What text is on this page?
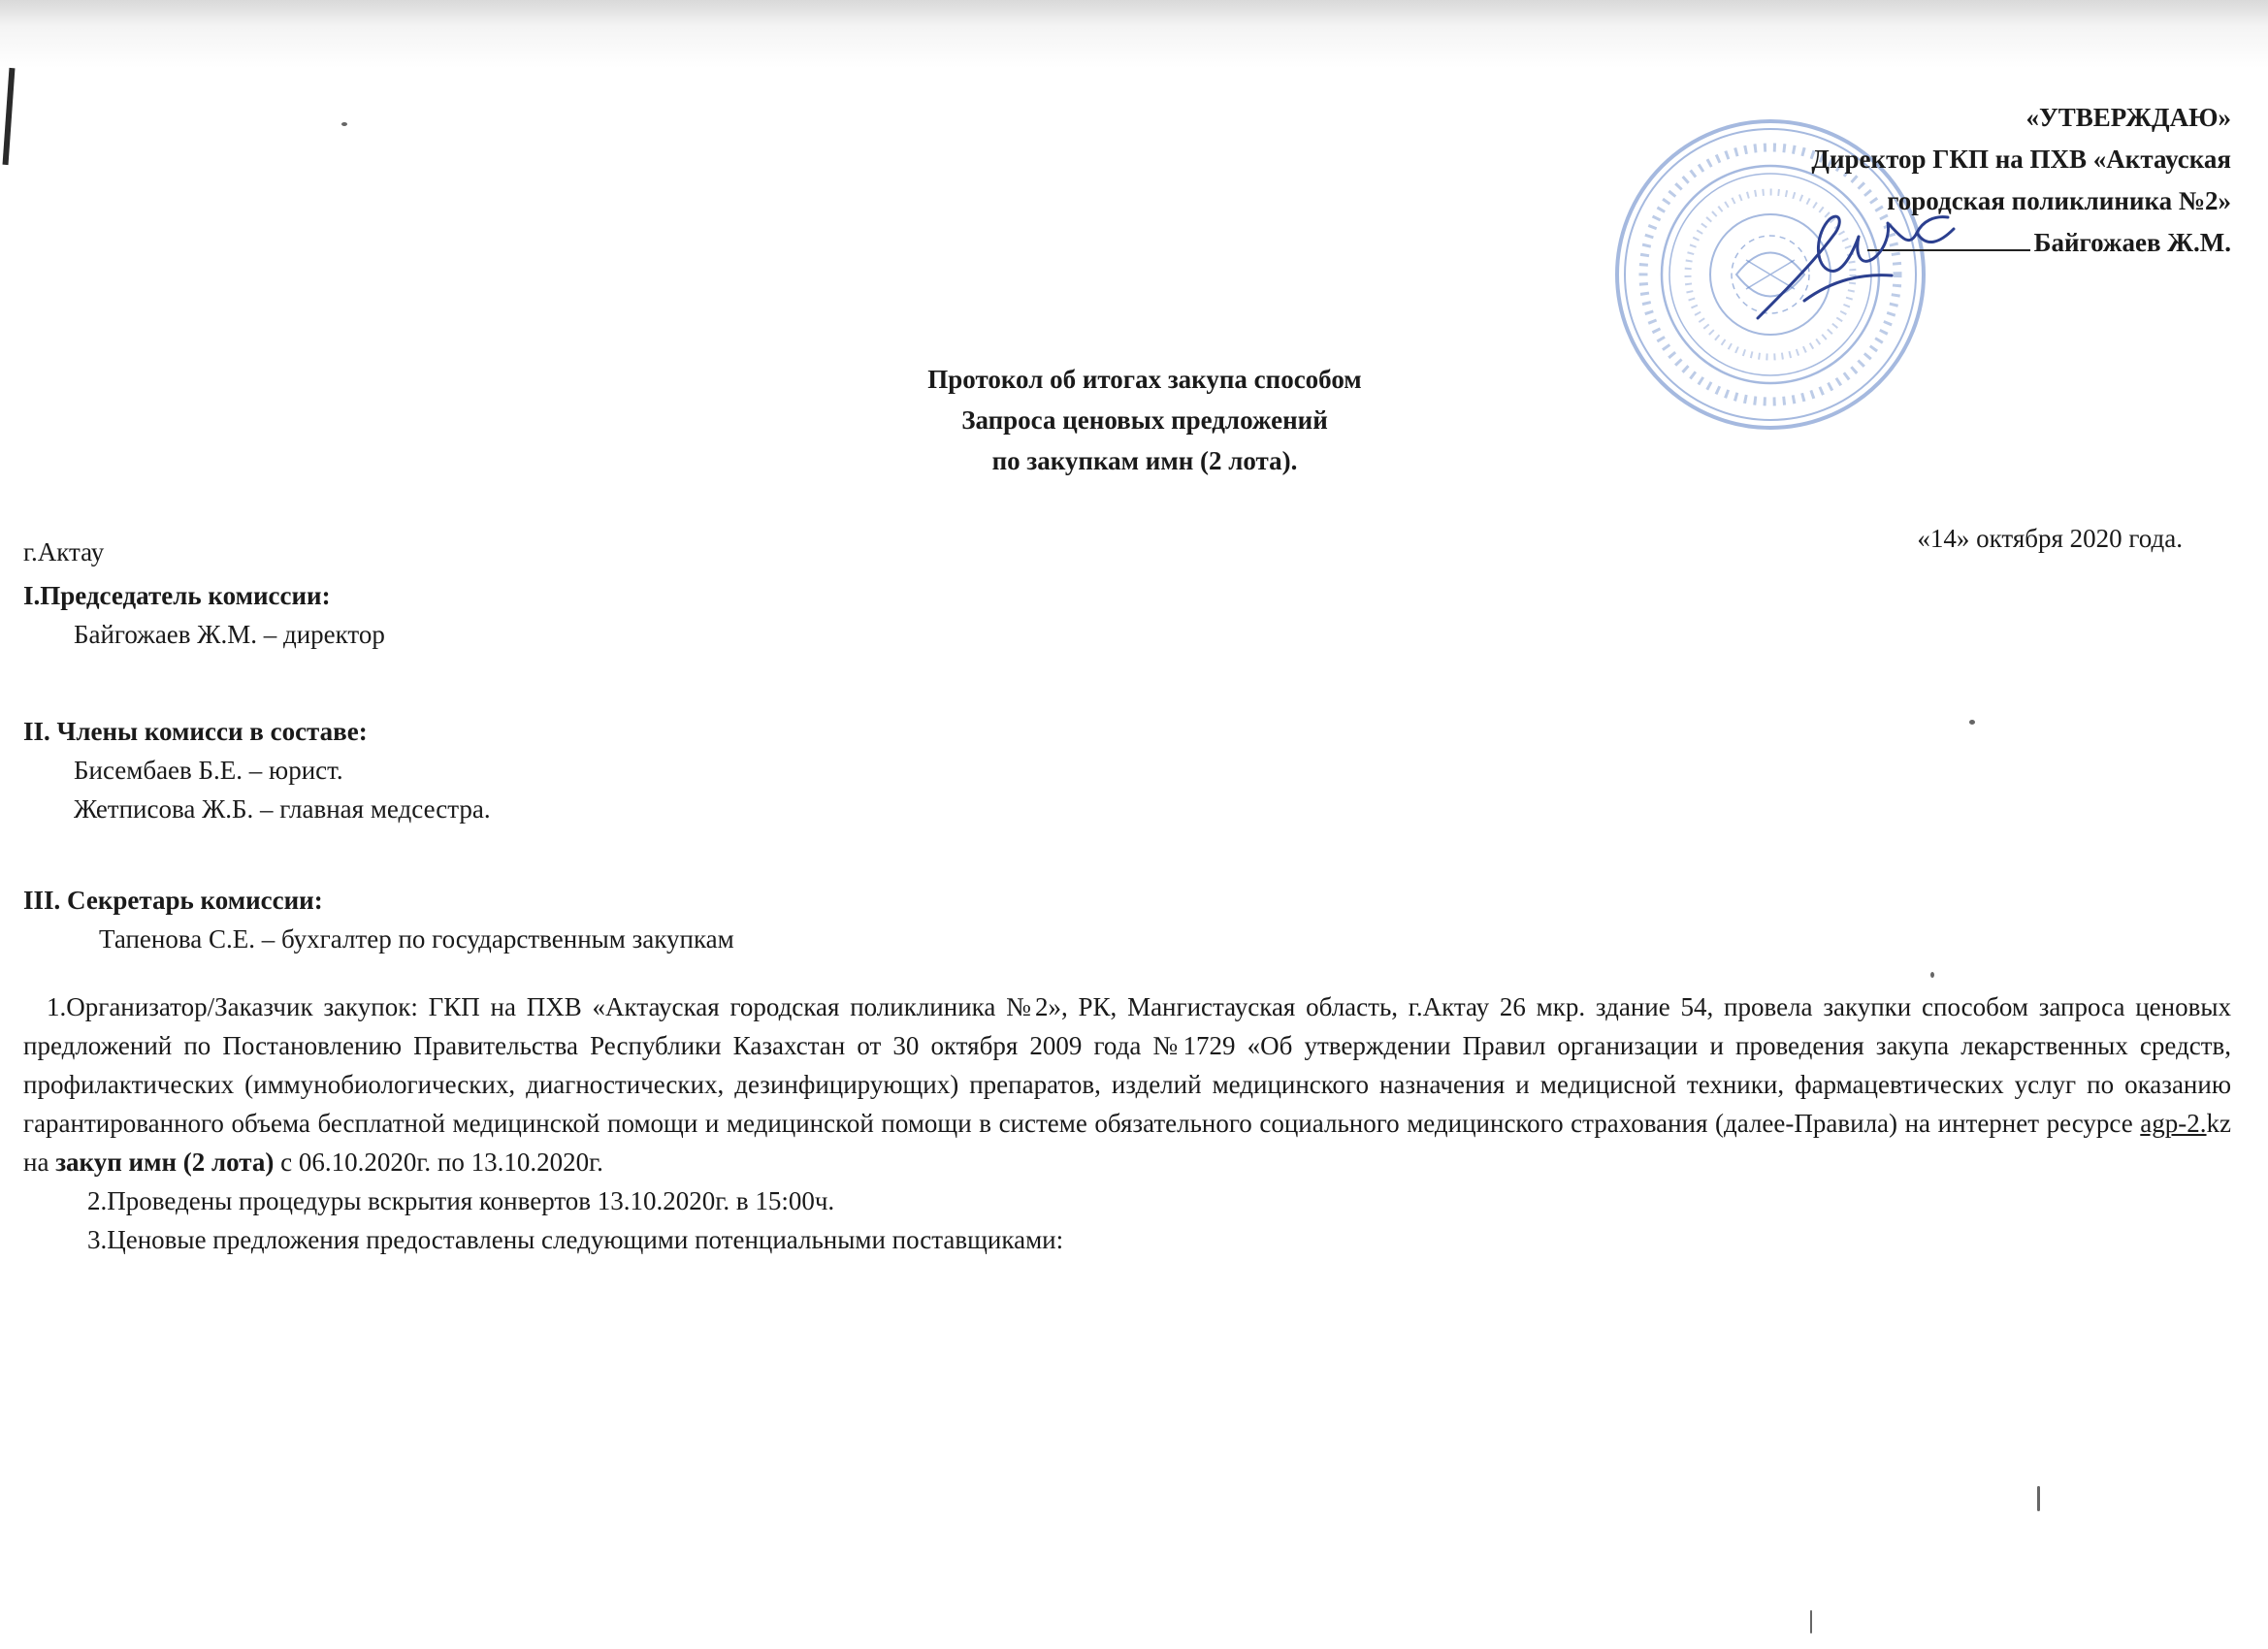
«УТВЕРЖДАЮ»
Директор ГКП на ПХВ «Актауская
городская поликлиника №2»
Байгожаев Ж.М.
Протокол об итогах закупа способом
Запроса ценовых предложений
по закупкам имн (2 лота).
г.Актау	«14» октября 2020 года.
I.Председатель комиссии:
Байгожаев Ж.М. – директор
II. Члены комисси в составе:
Бисембаев Б.Е. – юрист.
Жетписова Ж.Б. – главная медсестра.
III. Секретарь комиссии:
Тапенова С.Е. – бухгалтер по государственным закупкам

1.Организатор/Заказчик закупок: ГКП на ПХВ «Актауская городская поликлиника №2», РК, Мангистауская область, г.Актау 26 мкр. здание 54, провела закупки способом запроса ценовых предложений по Постановлению Правительства Республики Казахстан от 30 октября 2009 года №1729 «Об утверждении Правил организации и проведения закупа лекарственных средств, профилактических (иммунобиологических, диагностических, дезинфицирующих) препаратов, изделий медицинского назначения и медицисной техники, фармацевтических услуг по оказанию гарантированного объема бесплатной медицинской помощи и медицинской помощи в системе обязательного социального медицинского страхования (далее-Правила) на интернет ресурсе agp-2.kz на закуп имн (2 лота) с 06.10.2020г. по 13.10.2020г.

2.Проведены процедуры вскрытия конвертов 13.10.2020г. в 15:00ч.

3.Ценовые предложения предоставлены следующими потенциальными поставщиками:
